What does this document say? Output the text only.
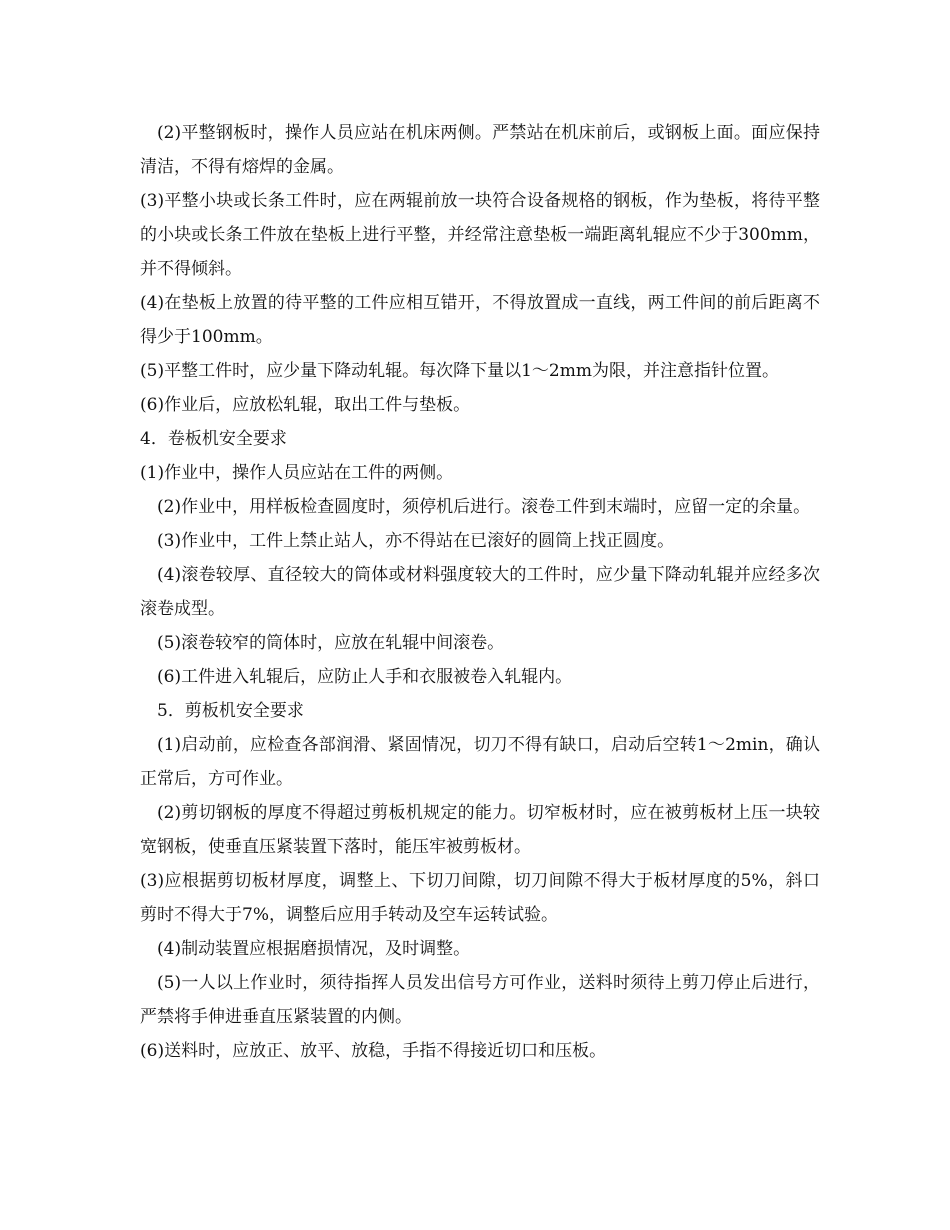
(2)平整钢板时，操作人员应站在机床两侧。严禁站在机床前后，或钢板上面。面应保持清洁，不得有熔焊的金属。

(3)平整小块或长条工件时，应在两辊前放一块符合设备规格的钢板，作为垫板，将待平整的小块或长条工件放在垫板上进行平整，并经常注意垫板一端距离轧辊应不少于300mm，并不得倾斜。

(4)在垫板上放置的待平整的工件应相互错开，不得放置成一直线，两工件间的前后距离不得少于100mm。

(5)平整工件时，应少量下降动轧辊。每次降下量以1～2mm为限，并注意指针位置。

(6)作业后，应放松轧辊，取出工件与垫板。

4．卷板机安全要求

(1)作业中，操作人员应站在工件的两侧。

(2)作业中，用样板检查圆度时，须停机后进行。滚卷工件到末端时，应留一定的余量。

(3)作业中，工件上禁止站人，亦不得站在已滚好的圆筒上找正圆度。

(4)滚卷较厚、直径较大的筒体或材料强度较大的工件时，应少量下降动轧辊并应经多次滚卷成型。

(5)滚卷较窄的筒体时，应放在轧辊中间滚卷。

(6)工件进入轧辊后，应防止人手和衣服被卷入轧辊内。

5．剪板机安全要求

(1)启动前，应检查各部润滑、紧固情况，切刀不得有缺口，启动后空转1～2min，确认正常后，方可作业。

(2)剪切钢板的厚度不得超过剪板机规定的能力。切窄板材时，应在被剪板材上压一块较宽钢板，使垂直压紧装置下落时，能压牢被剪板材。

(3)应根据剪切板材厚度，调整上、下切刀间隙，切刀间隙不得大于板材厚度的5%，斜口剪时不得大于7%，调整后应用手转动及空车运转试验。

(4)制动装置应根据磨损情况，及时调整。

(5)一人以上作业时，须待指挥人员发出信号方可作业，送料时须待上剪刀停止后进行，严禁将手伸进垂直压紧装置的内侧。

(6)送料时，应放正、放平、放稳，手指不得接近切口和压板。
